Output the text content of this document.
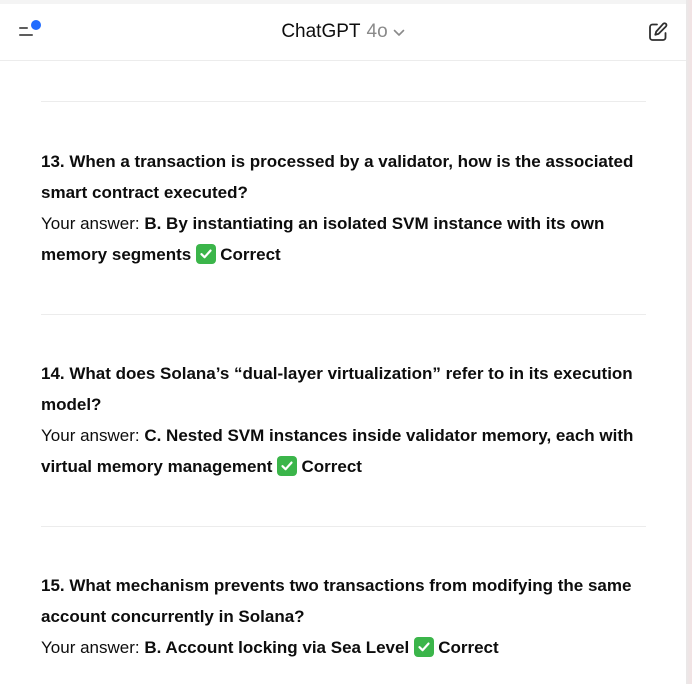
ChatGPT 4o
13. When a transaction is processed by a validator, how is the associated smart contract executed?
Your answer: B. By instantiating an isolated SVM instance with its own memory segments Correct
14. What does Solana’s “dual-layer virtualization” refer to in its execution model?
Your answer: C. Nested SVM instances inside validator memory, each with virtual memory management Correct
15. What mechanism prevents two transactions from modifying the same account concurrently in Solana?
Your answer: B. Account locking via Sea Level Correct
